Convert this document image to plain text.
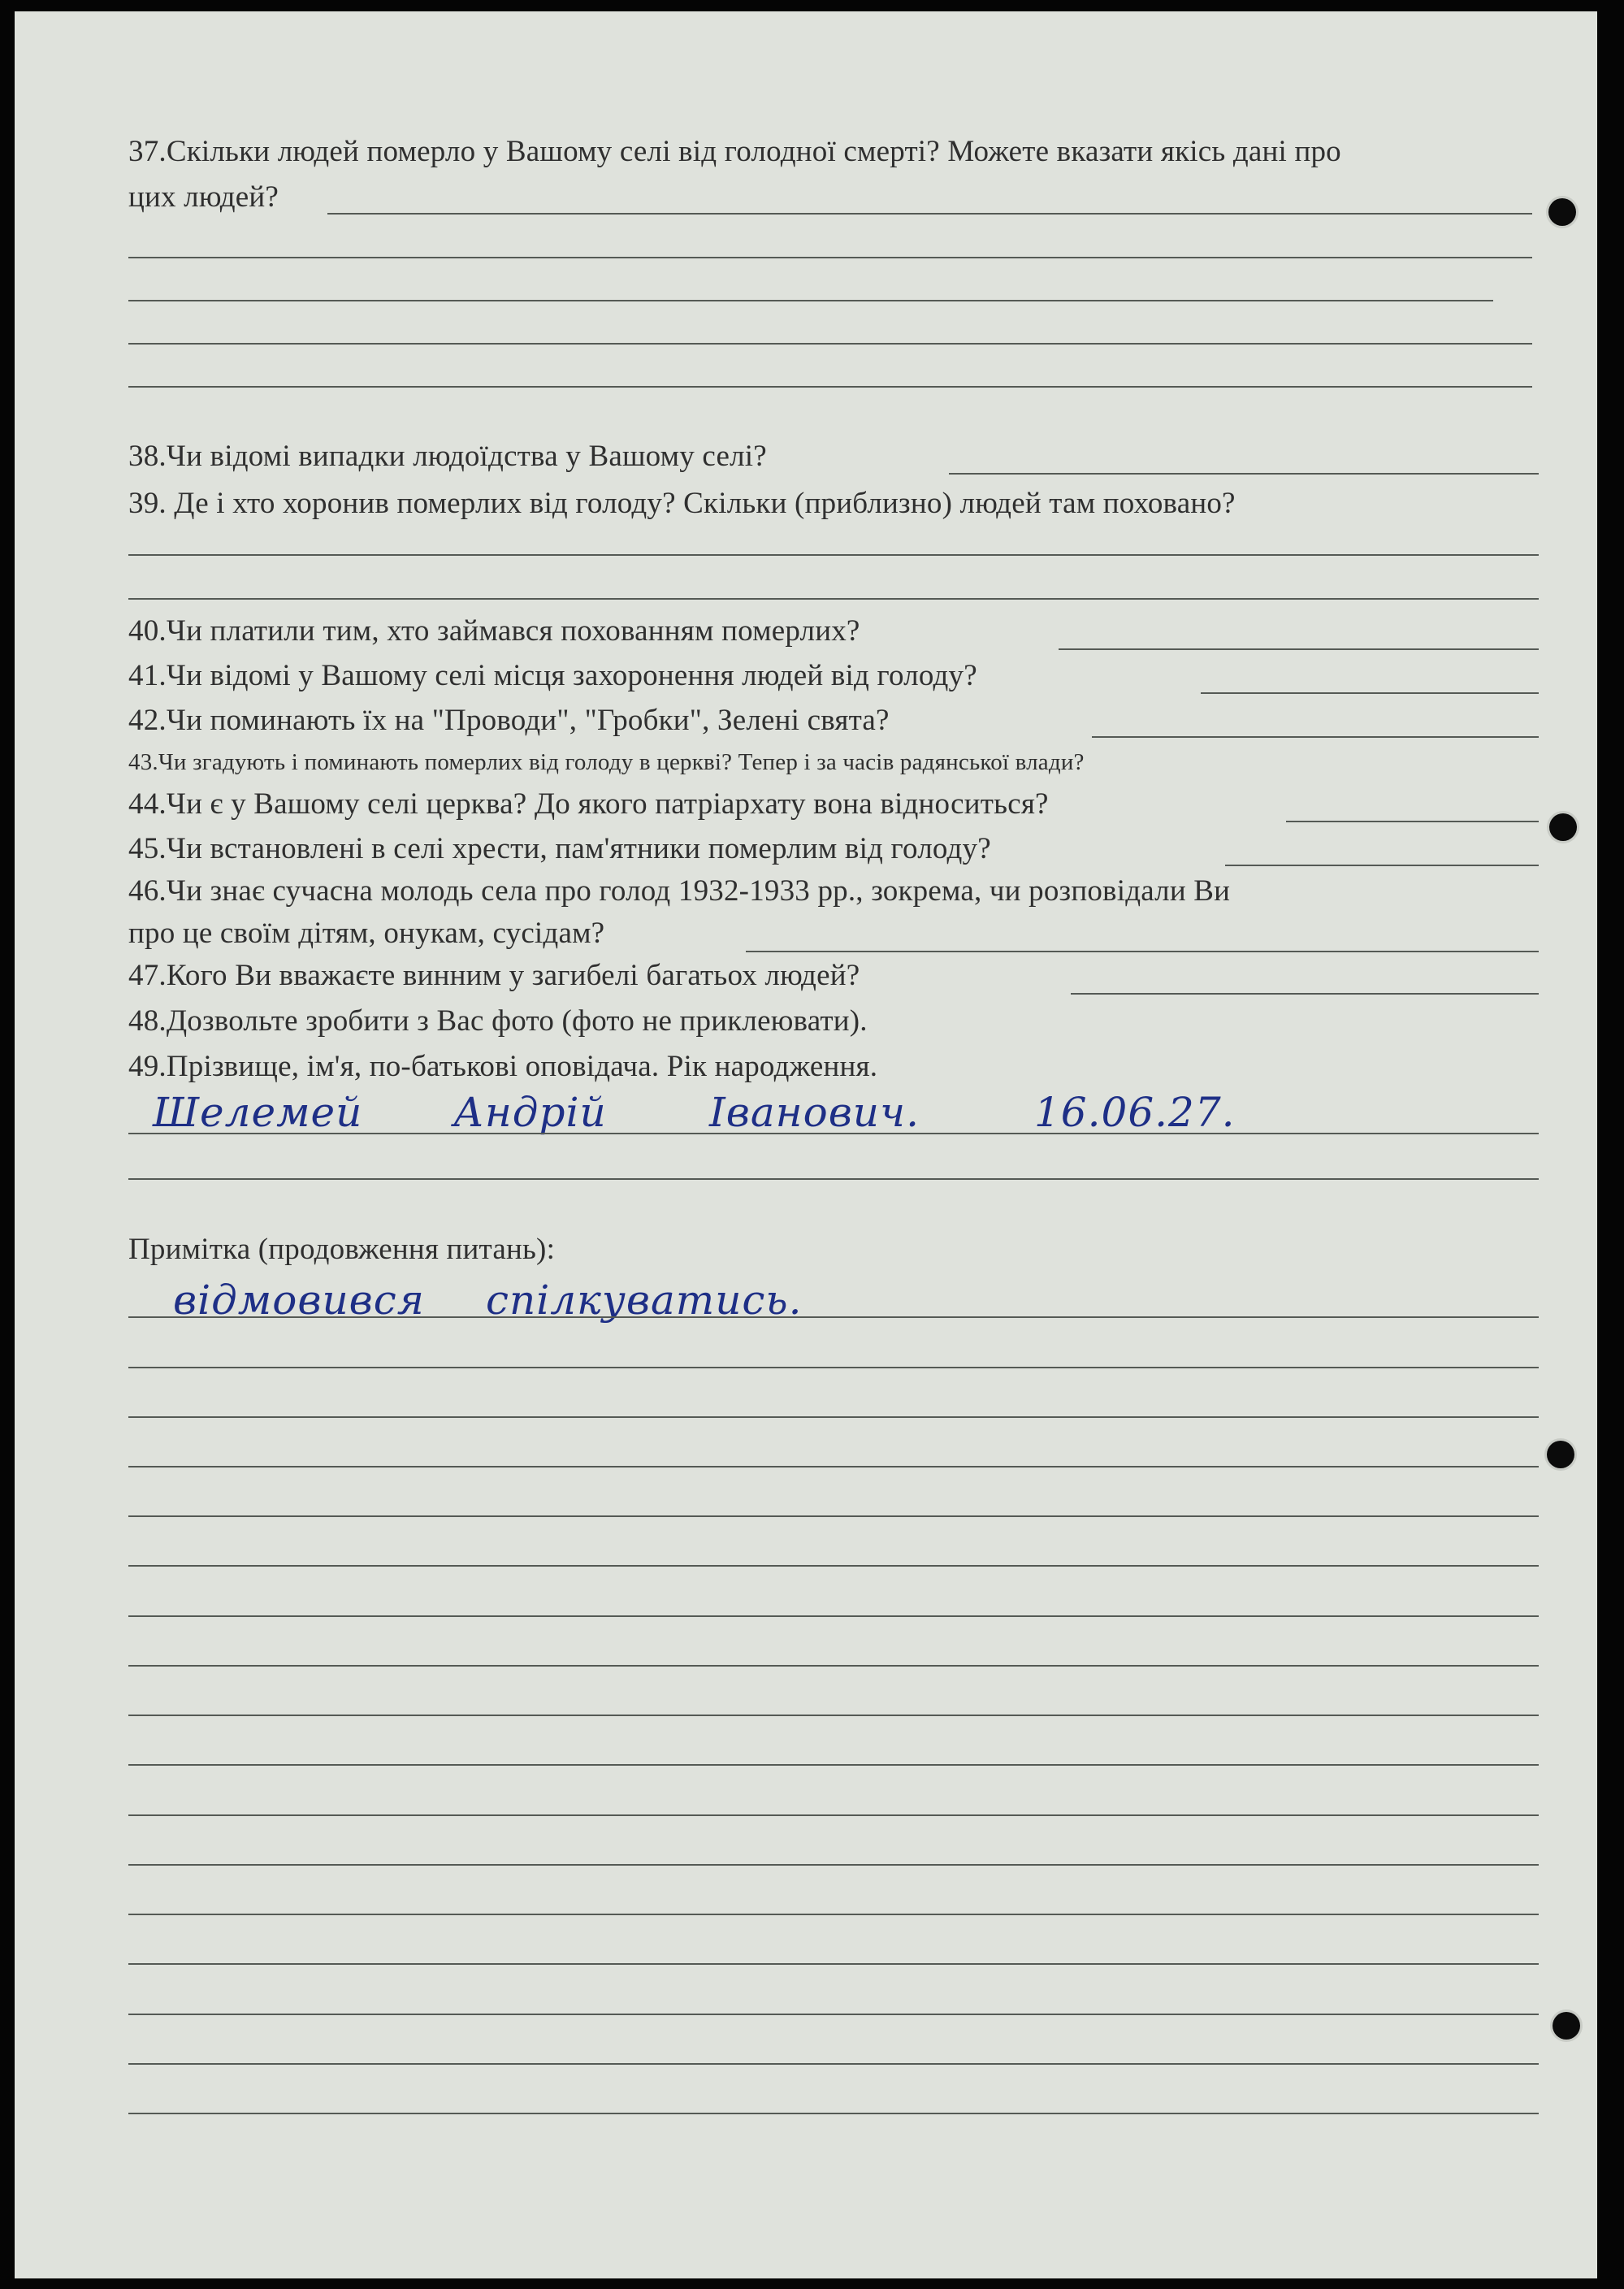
37.Скільки людей померло у Вашому селі від голодної смерті? Можете вказати якісь дані про
цих людей?
38.Чи відомі випадки людоїдства у Вашому селі?
39. Де і хто хоронив померлих від голоду? Скільки (приблизно) людей там поховано?
40.Чи платили тим, хто займався похованням померлих?
41.Чи відомі у Вашому селі місця захоронення людей від голоду?
42.Чи поминають їх на "Проводи", "Гробки", Зелені свята?
43.Чи згадують і поминають померлих від голоду в церкві? Тепер і за часів радянської влади?
44.Чи є у Вашому селі церква? До якого патріархату вона відноситься?
45.Чи встановлені в селі хрести, пам'ятники померлим від голоду?
46.Чи знає сучасна молодь села про голод 1932-1933 рр., зокрема, чи розповідали Ви
про це своїм дітям, онукам, сусідам?
47.Кого Ви вважаєте винним у загибелі багатьох людей?
48.Дозвольте зробити з Вас фото (фото не приклеювати).
49.Прізвище, ім'я, по-батькові оповідача. Рік народження.
Шелемей Андрій	Іванович.	16.06.27.
Примітка (продовження питань):
відмовився спілкуватись.
